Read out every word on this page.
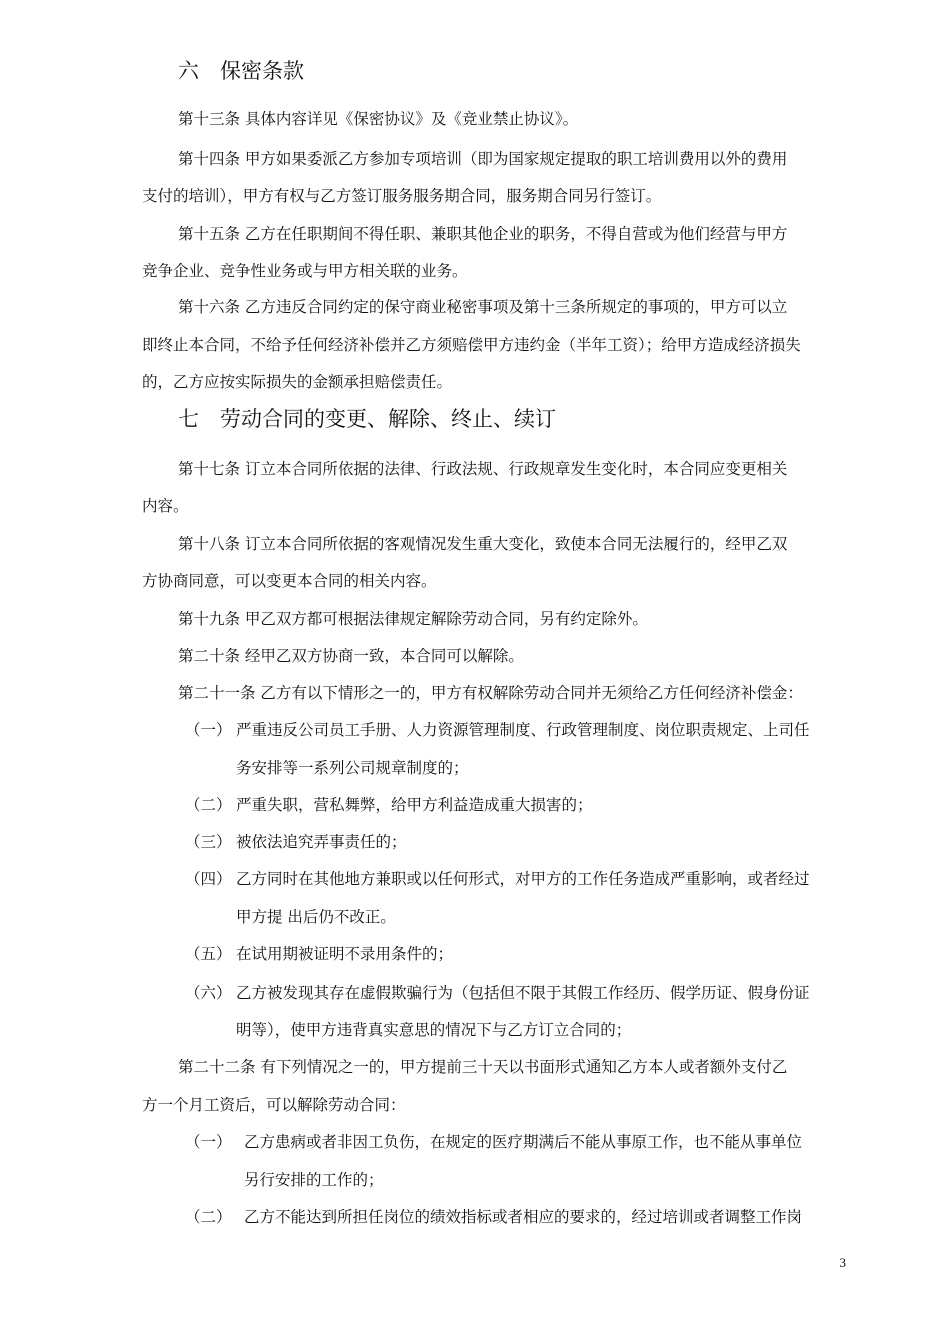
六　保密条款
第十三条 具体内容详见《保密协议》及《竞业禁止协议》。
第十四条 甲方如果委派乙方参加专项培训（即为国家规定提取的职工培训费用以外的费用
支付的培训），甲方有权与乙方签订服务服务期合同，服务期合同另行签订。
第十五条 乙方在任职期间不得任职、兼职其他企业的职务，不得自营或为他们经营与甲方
竞争企业、竞争性业务或与甲方相关联的业务。
第十六条 乙方违反合同约定的保守商业秘密事项及第十三条所规定的事项的，甲方可以立
即终止本合同，不给予任何经济补偿并乙方须赔偿甲方违约金（半年工资）；给甲方造成经济损失
的，乙方应按实际损失的金额承担赔偿责任。
七　劳动合同的变更、解除、终止、续订
第十七条 订立本合同所依据的法律、行政法规、行政规章发生变化时，本合同应变更相关
内容。
第十八条 订立本合同所依据的客观情况发生重大变化，致使本合同无法履行的，经甲乙双
方协商同意，可以变更本合同的相关内容。
第十九条 甲乙双方都可根据法律规定解除劳动合同，另有约定除外。
第二十条 经甲乙双方协商一致，本合同可以解除。
第二十一条 乙方有以下情形之一的，甲方有权解除劳动合同并无须给乙方任何经济补偿金：
（一） 严重违反公司员工手册、人力资源管理制度、行政管理制度、岗位职责规定、上司任
务安排等一系列公司规章制度的；
（二） 严重失职，营私舞弊，给甲方利益造成重大损害的；
（三） 被依法追究弄事责任的；
（四） 乙方同时在其他地方兼职或以任何形式，对甲方的工作任务造成严重影响，或者经过
甲方提 出后仍不改正。
（五） 在试用期被证明不录用条件的；
（六） 乙方被发现其存在虚假欺骗行为（包括但不限于其假工作经历、假学历证、假身份证
明等），使甲方违背真实意思的情况下与乙方订立合同的；
第二十二条 有下列情况之一的，甲方提前三十天以书面形式通知乙方本人或者额外支付乙
方一个月工资后，可以解除劳动合同：
（一） 乙方患病或者非因工负伤，在规定的医疗期满后不能从事原工作，也不能从事单位
另行安排的工作的；
（二） 乙方不能达到所担任岗位的绩效指标或者相应的要求的，经过培训或者调整工作岗
3
